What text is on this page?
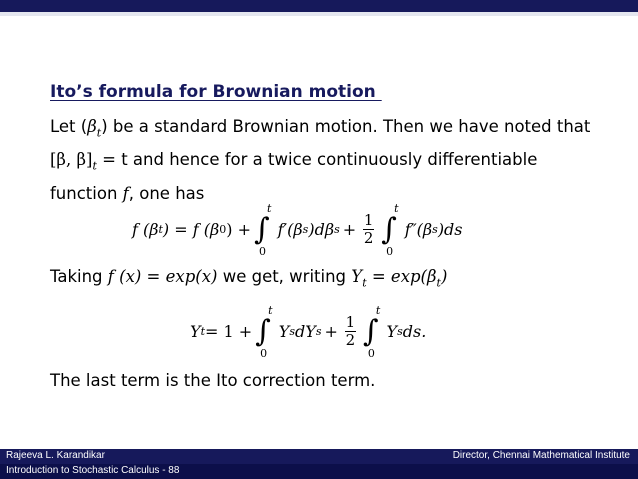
Ito’s formula for Brownian motion
Let $(\beta_t)$ be a standard Brownian motion. Then we have noted that
[β, $\beta]_t = t$ and hence for a twice continuously differentiable
function f, one has
f (β t ) = f (β 0 ) + ∫
t
0
f′(β s )dβ $s + \frac{1}{2}$ ∫
t
0
f″(β s )ds
Taking f (x) = exp(x) we get, writing $Y_t = \exp(\beta_t)$
Y t = 1 + ∫
t
0
Y s dY $s + \frac{1}{2}$ ∫
t
0
Y s ds.
The last term is the Ito correction term.
Rajeeva L. Karandikar	Director, Chennai Mathematical Institute
Introduction to Stochastic Calculus - 88
